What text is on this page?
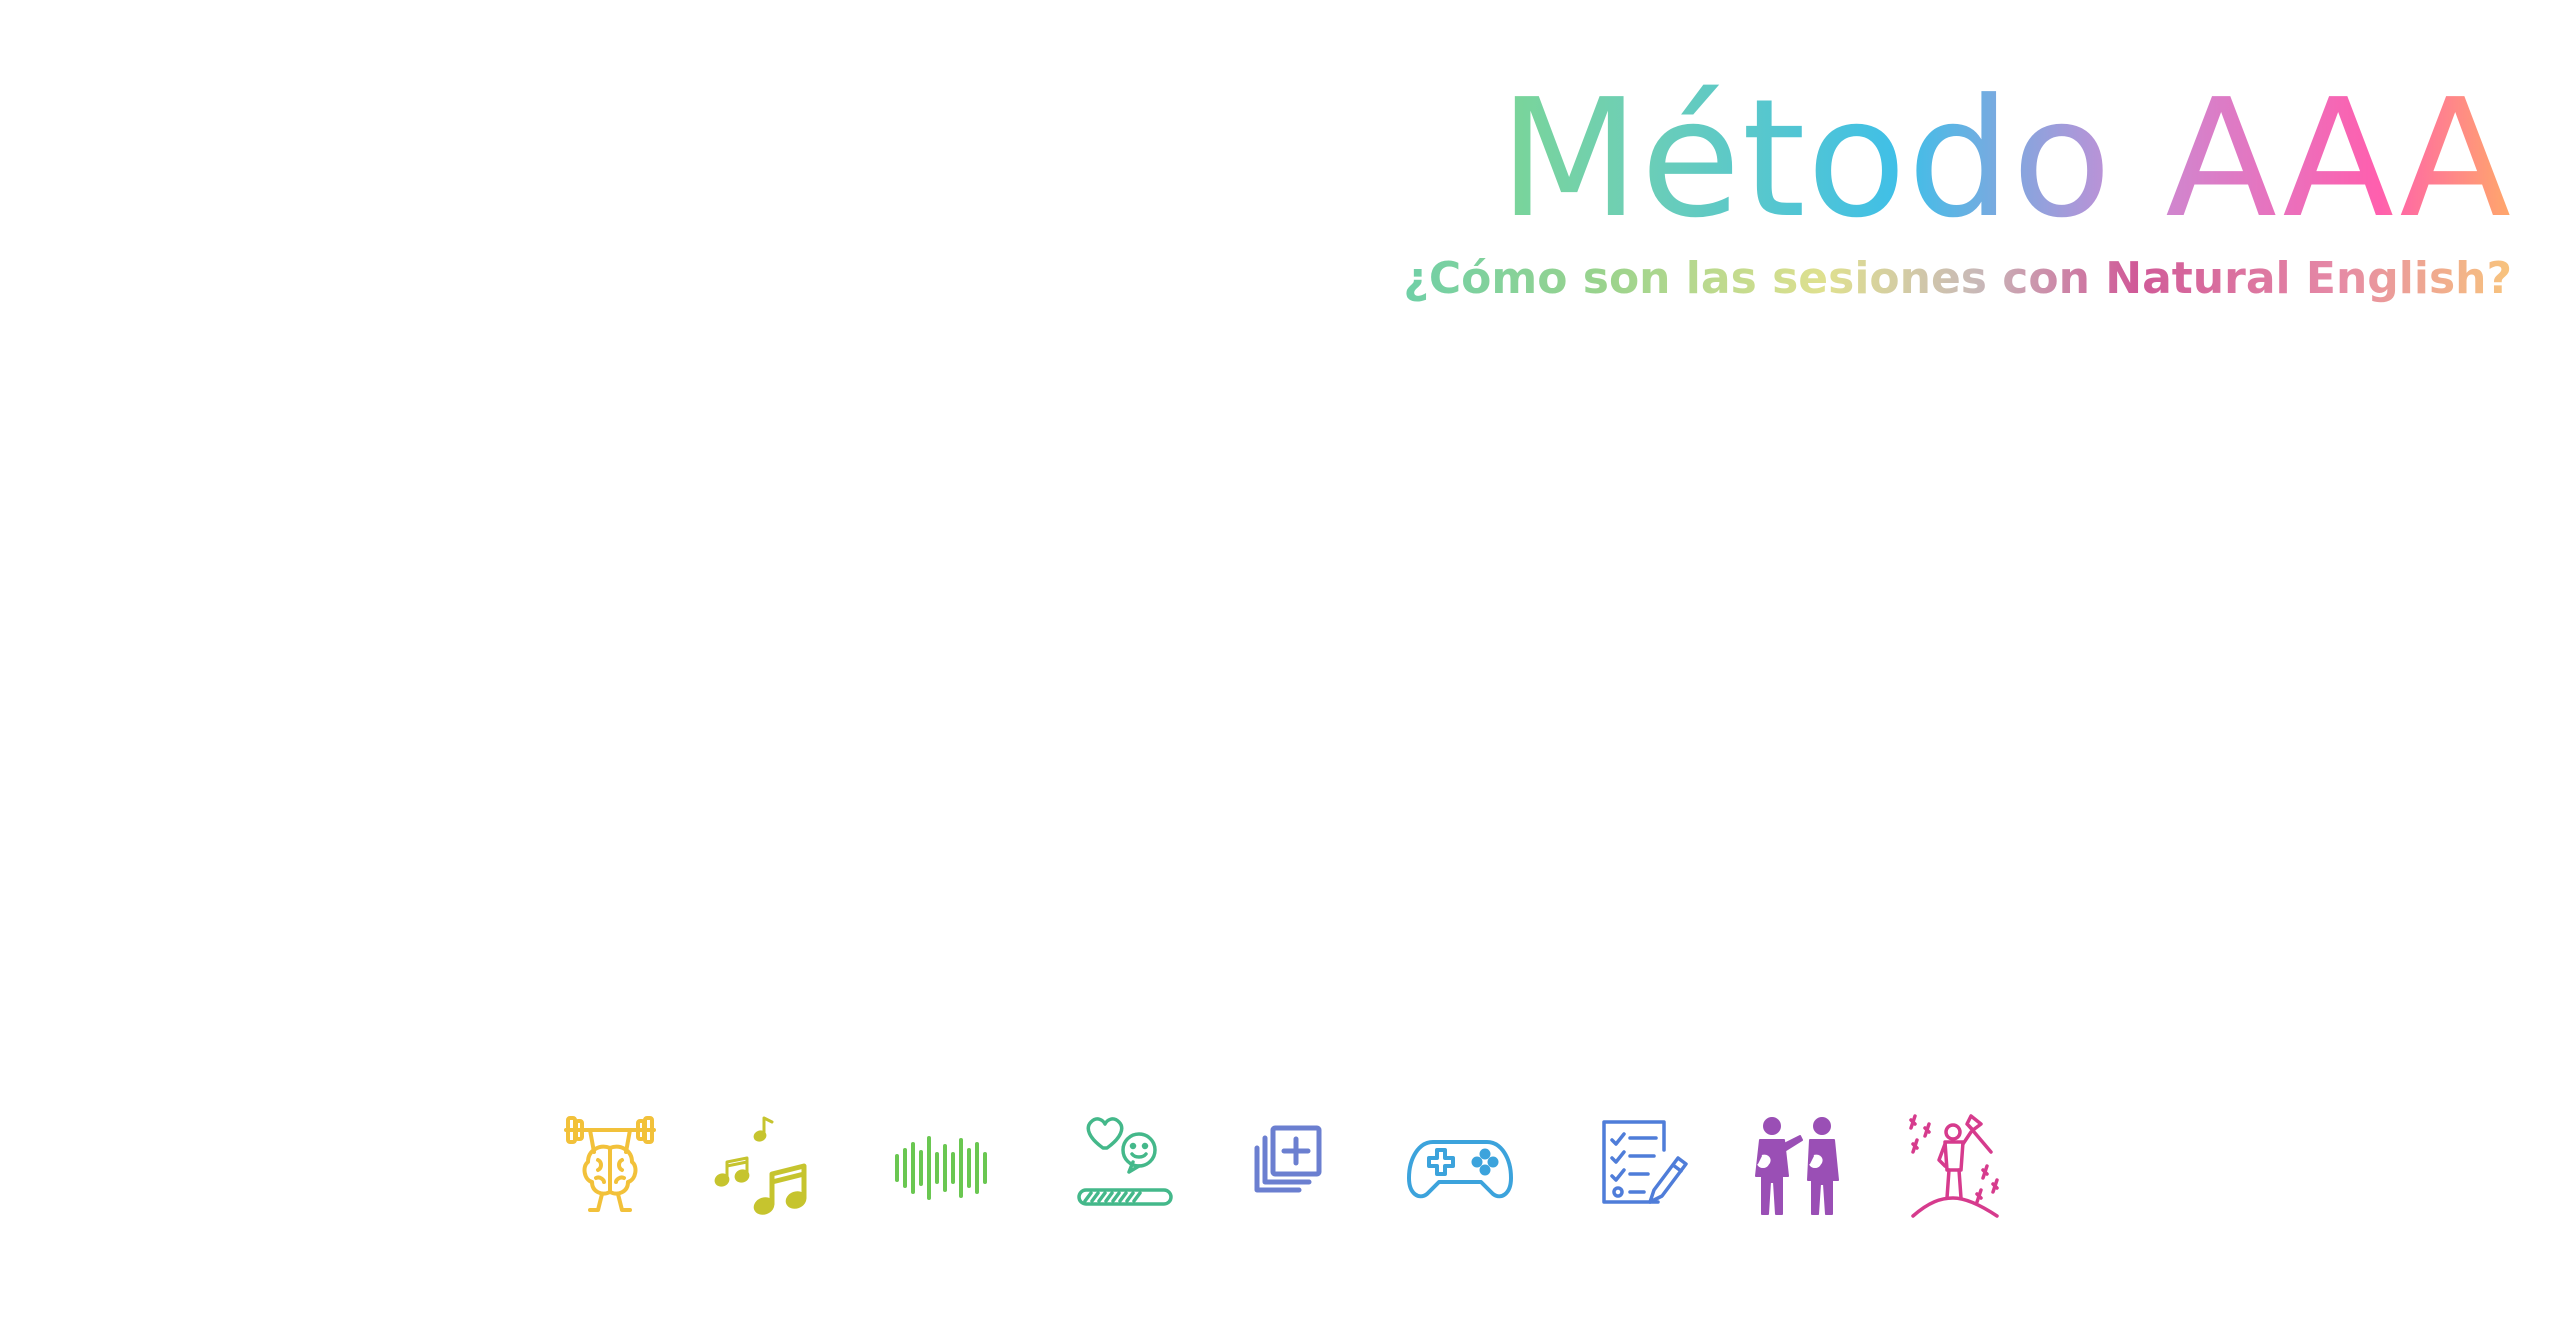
Método AAA

¿Cómo son las sesiones con Natural English?
